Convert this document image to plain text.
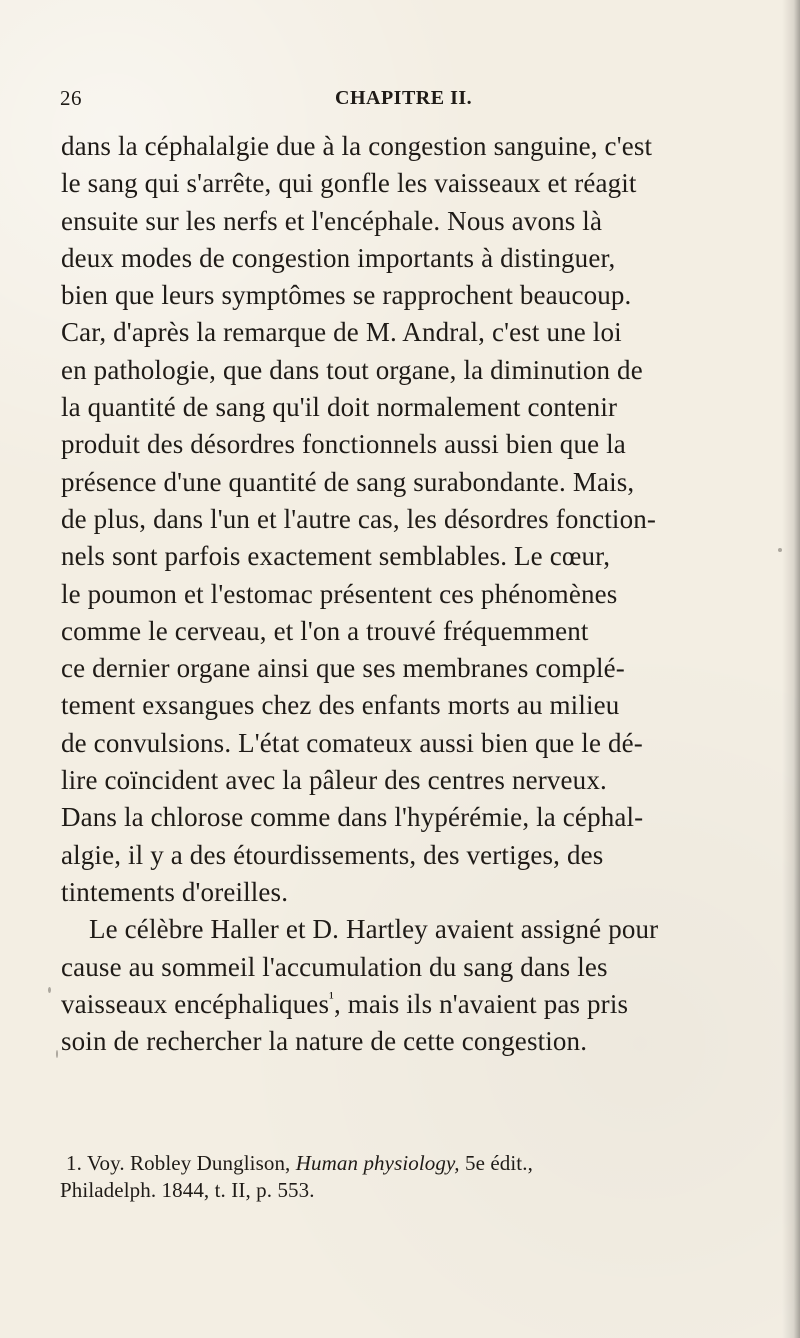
26	CHAPITRE II.
dans la céphalalgie due à la congestion sanguine, c'est
le sang qui s'arrête, qui gonfle les vaisseaux et réagit
ensuite sur les nerfs et l'encéphale. Nous avons là
deux modes de congestion importants à distinguer,
bien que leurs symptômes se rapprochent beaucoup.
Car, d'après la remarque de M. Andral, c'est une loi
en pathologie, que dans tout organe, la diminution de
la quantité de sang qu'il doit normalement contenir
produit des désordres fonctionnels aussi bien que la
présence d'une quantité de sang surabondante. Mais,
de plus, dans l'un et l'autre cas, les désordres fonction-
nels sont parfois exactement semblables. Le cœur,
le poumon et l'estomac présentent ces phénomènes
comme le cerveau, et l'on a trouvé fréquemment
ce dernier organe ainsi que ses membranes complé-
tement exsangues chez des enfants morts au milieu
de convulsions. L'état comateux aussi bien que le dé-
lire coïncident avec la pâleur des centres nerveux.
Dans la chlorose comme dans l'hypérémie, la céphal-
algie, il y a des étourdissements, des vertiges, des
tintements d'oreilles.
Le célèbre Haller et D. Hartley avaient assigné pour
cause au sommeil l'accumulation du sang dans les
vaisseaux encéphaliques$^{^1}$, mais ils n'avaient pas pris
soin de rechercher la nature de cette congestion.
1. Voy. Robley Dunglison, Human physiology, 5e édit.,
Philadelph. 1844, t. II, p. 553.
